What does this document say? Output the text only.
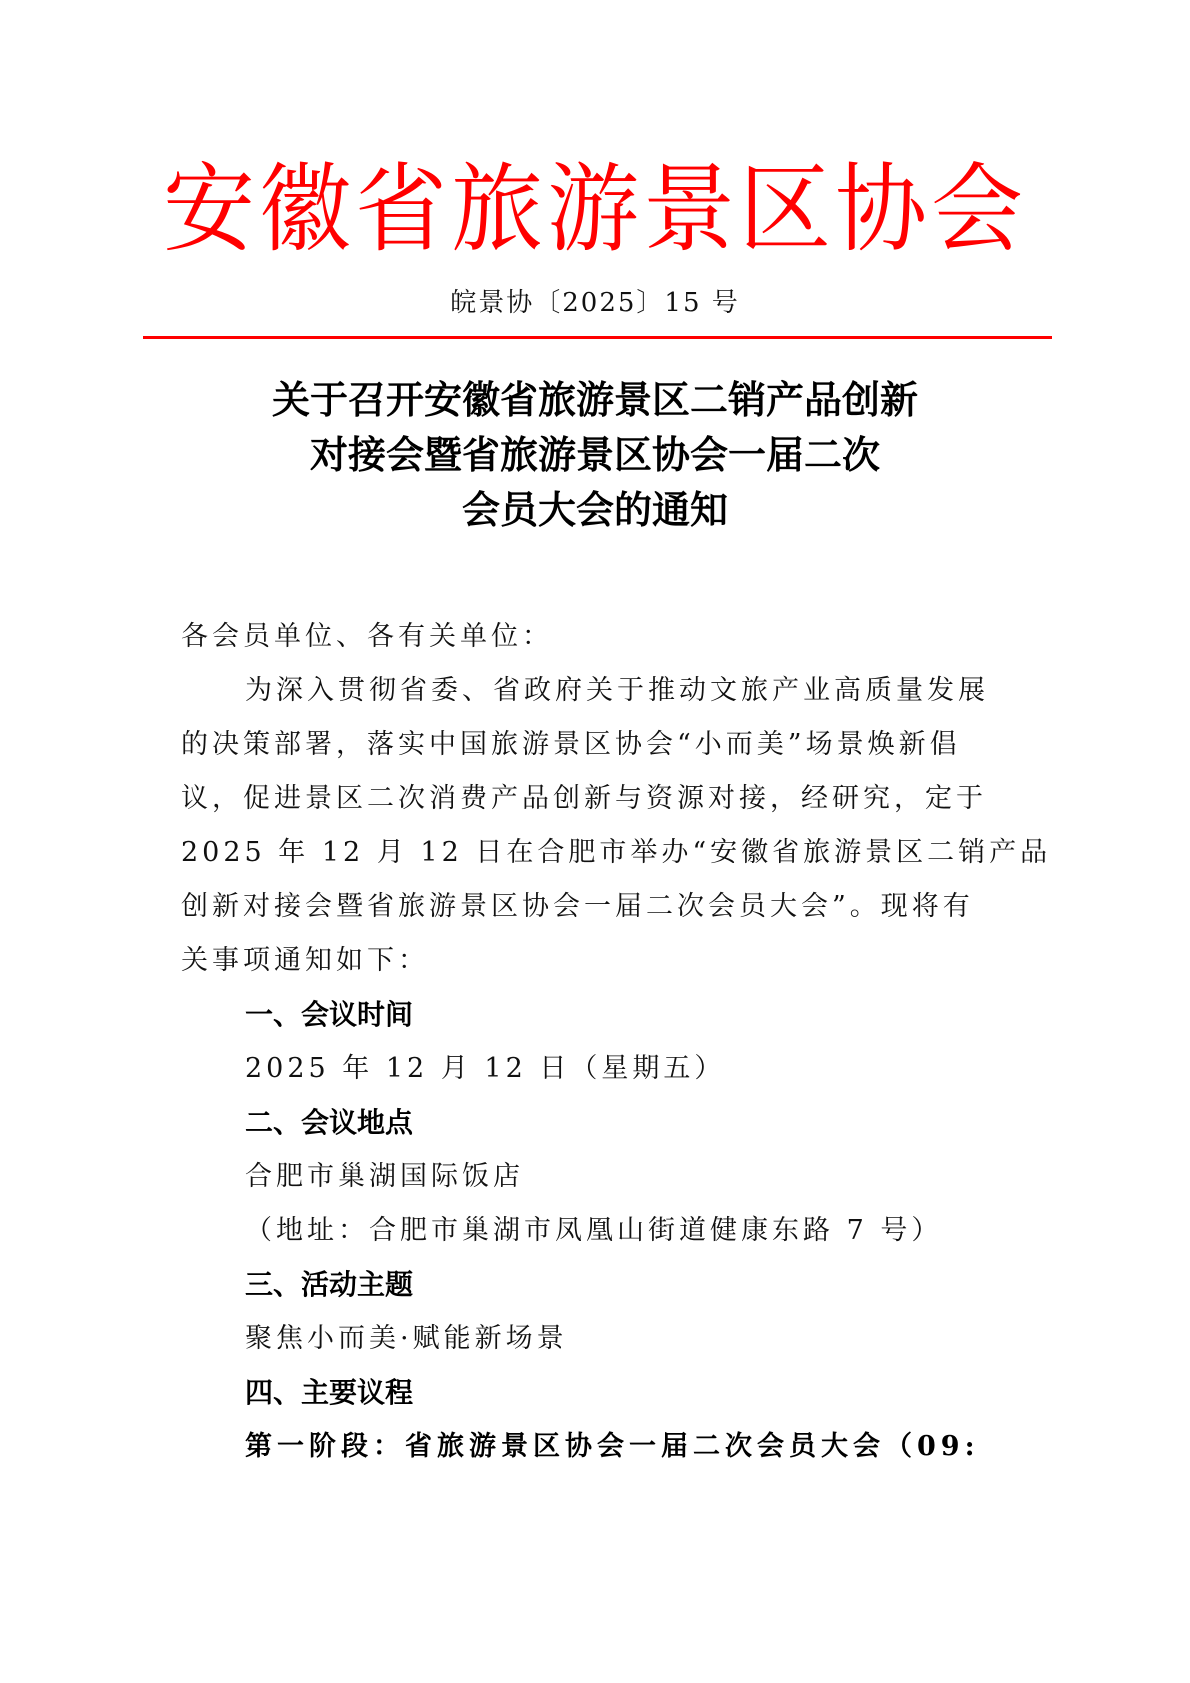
安徽省旅游景区协会
皖景协〔2025〕15 号
关于召开安徽省旅游景区二销产品创新
对接会暨省旅游景区协会一届二次
会员大会的通知
各会员单位、各有关单位：
为深入贯彻省委、省政府关于推动文旅产业高质量发展
的决策部署，落实中国旅游景区协会“小而美”场景焕新倡
议，促进景区二次消费产品创新与资源对接，经研究，定于
2025 年 12 月 12 日在合肥市举办“安徽省旅游景区二销产品
创新对接会暨省旅游景区协会一届二次会员大会”。现将有
关事项通知如下：
一、会议时间
2025 年 12 月 12 日（星期五）
二、会议地点
合肥市巢湖国际饭店
（地址：合肥市巢湖市凤凰山街道健康东路 7 号）
三、活动主题
聚焦小而美·赋能新场景
四、主要议程
第一阶段：省旅游景区协会一届二次会员大会（09:
